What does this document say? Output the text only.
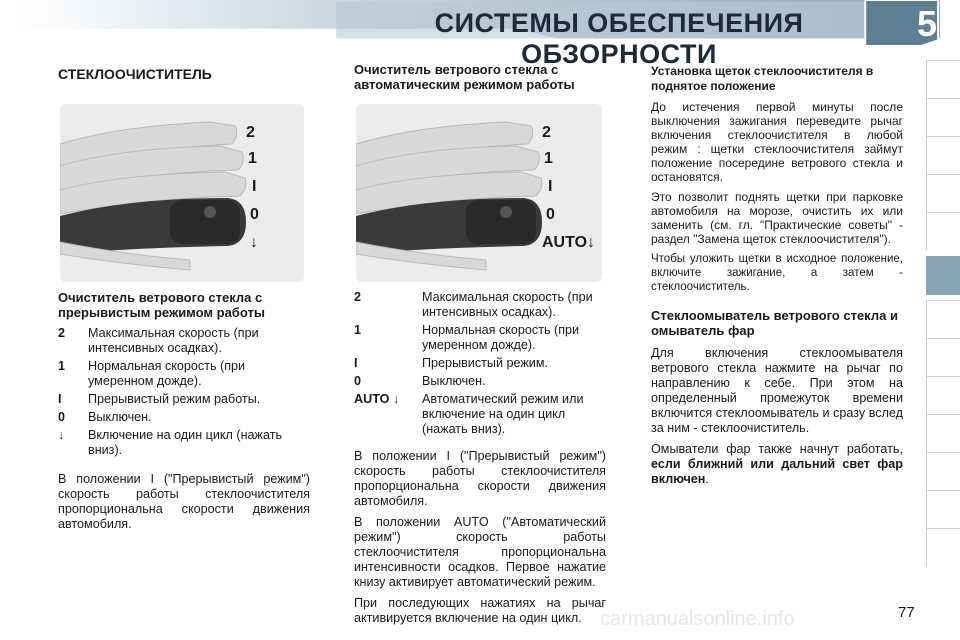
СИСТЕМЫ ОБЕСПЕЧЕНИЯ ОБЗОРНОСТИ
5
СТЕКЛООЧИСТИТЕЛЬ
2
1
I
0
↓
Очиститель ветрового стекла с прерывистым режимом работы
2	Максимальная скорость (при интенсивных осадках).
1	Нормальная скорость (при умеренном дожде).
I	Прерывистый режим работы.
0	Выключен.
↓	Включение на один цикл (нажать вниз).

В положении I ("Прерывистый режим") скорость работы стеклоочистителя пропорциональна скорости движения автомобиля.

Очиститель ветрового стекла с автоматическим режимом работы
2
1
I
0
AUTO↓
2	Максимальная скорость (при интенсивных осадках).
1	Нормальная скорость (при умеренном дожде).
I	Прерывистый режим.
0	Выключен.
AUTO ↓	Автоматический режим или включение на один цикл (нажать вниз).

В положении I ("Прерывистый режим") скорость работы стеклоочистителя пропорциональна скорости движения автомобиля.

В положении AUTO ("Автоматический режим") скорость работы стеклоочистителя пропорциональна интенсивности осадков. Первое нажатие книзу активирует автоматический режим.

При последующих нажатиях на рычаг активируется включение на один цикл.

Установка щеток стеклоочистителя в поднятое положение

До истечения первой минуты после выключения зажигания переведите рычаг включения стеклоочистителя в любой режим : щетки стеклоочистителя займут положение посередине ветрового стекла и остановятся.

Это позволит поднять щетки при парковке автомобиля на морозе, очистить их или заменить (см. гл. "Практические советы" - раздел "Замена щеток стеклоочистителя").

Чтобы уложить щетки в исходное положение, включите зажигание, а затем - стеклоочиститель.

Стеклоомыватель ветрового стекла и омыватель фар

Для включения стеклоомывателя ветрового стекла нажмите на рычаг по направлению к себе. При этом на определенный промежуток времени включится стеклоомыватель и сразу вслед за ним - стеклоочиститель.

Омыватели фар также начнут работать, если ближний или дальний свет фар включен.

carmanualsonline.info	77
